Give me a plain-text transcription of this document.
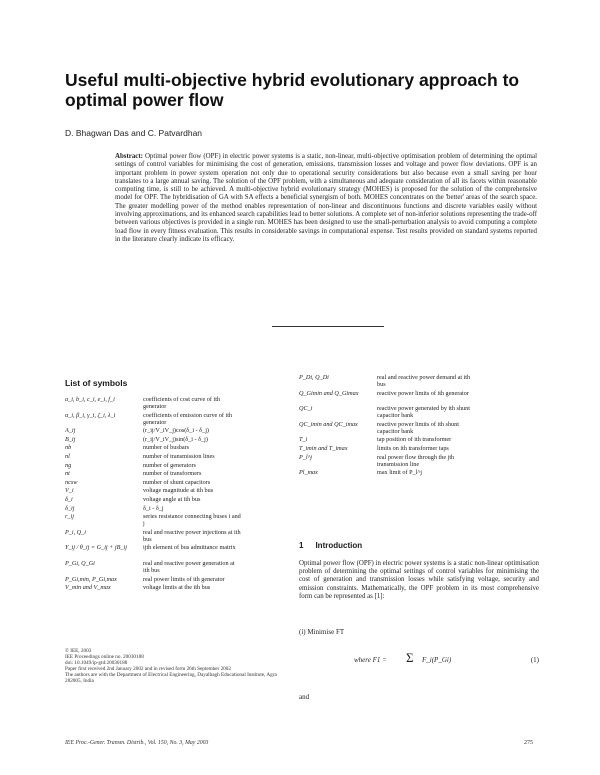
Useful multi-objective hybrid evolutionary approach to optimal power flow
D. Bhagwan Das and C. Patvardhan
Abstract: Optimal power flow (OPF) in electric power systems is a static, non-linear, multi-objective optimisation problem of determining the optimal settings of control variables for minimising the cost of generation, emissions, transmission losses and voltage and power flow deviations. OPF is an important problem in power system operation not only due to operational security considerations but also because even a small saving per hour translates to a large annual saving. The solution of the OPF problem, with a simultaneous and adequate consideration of all its facets within reasonable computing time, is still to be achieved. A multi-objective hybrid evolutionary strategy (MOHES) is proposed for the solution of the comprehensive model for OPF. The hybridisation of GA with SA effects a beneficial synergism of both. MOHES concentrates on the 'better' areas of the search space. The greater modelling power of the method enables representation of non-linear and discontinuous functions and discrete variables easily without involving approximations, and its enhanced search capabilities lead to better solutions. A complete set of non-inferior solutions representing the trade-off between various objectives is provided in a single run. MOHES has been designed to use the small-perturbation analysis to avoid computing a complete load flow in every fitness evaluation. This results in considerable savings in computational expense. Test results provided on standard systems reported in the literature clearly indicate its efficacy.
List of symbols
a_i, b_i, c_i, e_i, f_i	coefficients of cost curve of ith generator
α_i, β_i, γ_i, ζ_i, λ_i	coefficients of emission curve of ith generator
A_ij	(r_ij/V_iV_j)cos(δ_i - δ_j)
B_ij	(r_ij/V_iV_j)sin(δ_i - δ_j)
nb	number of busbars
nl	number of transmission lines
ng	number of generators
nt	number of transformers
ncsw	number of shunt capacitors
V_i	voltage magnitude at ith bus
δ_i	voltage angle at ith bus
δ_ij	δ_i - δ_j
r_ij	series resistance connecting buses i and j
P_i, Q_i	real and reactive power injections at ith bus
Y_ij / θ_ij = G_ij + jB_ij	ijth element of bus admittance matrix
P_Gi, Q_Gi	real and reactive power generation at ith bus
P_Gi,min, P_Gi,max	real power limits of ith generator
V_min and V_max	voltage limits at the ith bus
P_Di, Q_Di	real and reactive power demand at ith bus
Q_Gimin and Q_Gimax	reactive power limits of ith generator
QC_i	reactive power generated by ith shunt capacitor bank
QC_imin and QC_imax	reactive power limits of ith shunt capacitor bank
T_i	tap position of ith transformer
T_imin and T_imax	limits on ith transformer taps
P_l^j	real power flow through the jth transmission line
Pl_max	max limit of P_l^j
1 Introduction
Optimal power flow (OPF) in electric power systems is a static non-linear optimisation problem of determining the optimal settings of control variables for minimising the cost of generation and transmission losses while satisfying voltage, security and emission constraints. Mathematically, the OPF problem in its most comprehensive form can be represented as [1]:
(i) Minimise FT
where F1 = Σ F_i(P_Gi)	(1)
and
© IEE, 2003
IEE Proceedings online no. 20030188
doi: 10.1049/ip-gtd:20030188
Paper first received 2nd January 2002 and in revised form 26th September 2002
The authors are with the Department of Electrical Engineering, Dayalbagh Educational Institute, Agra 282005, India
IEE Proc.-Gener. Transm. Distrib., Vol. 150, No. 3, May 2003	275
